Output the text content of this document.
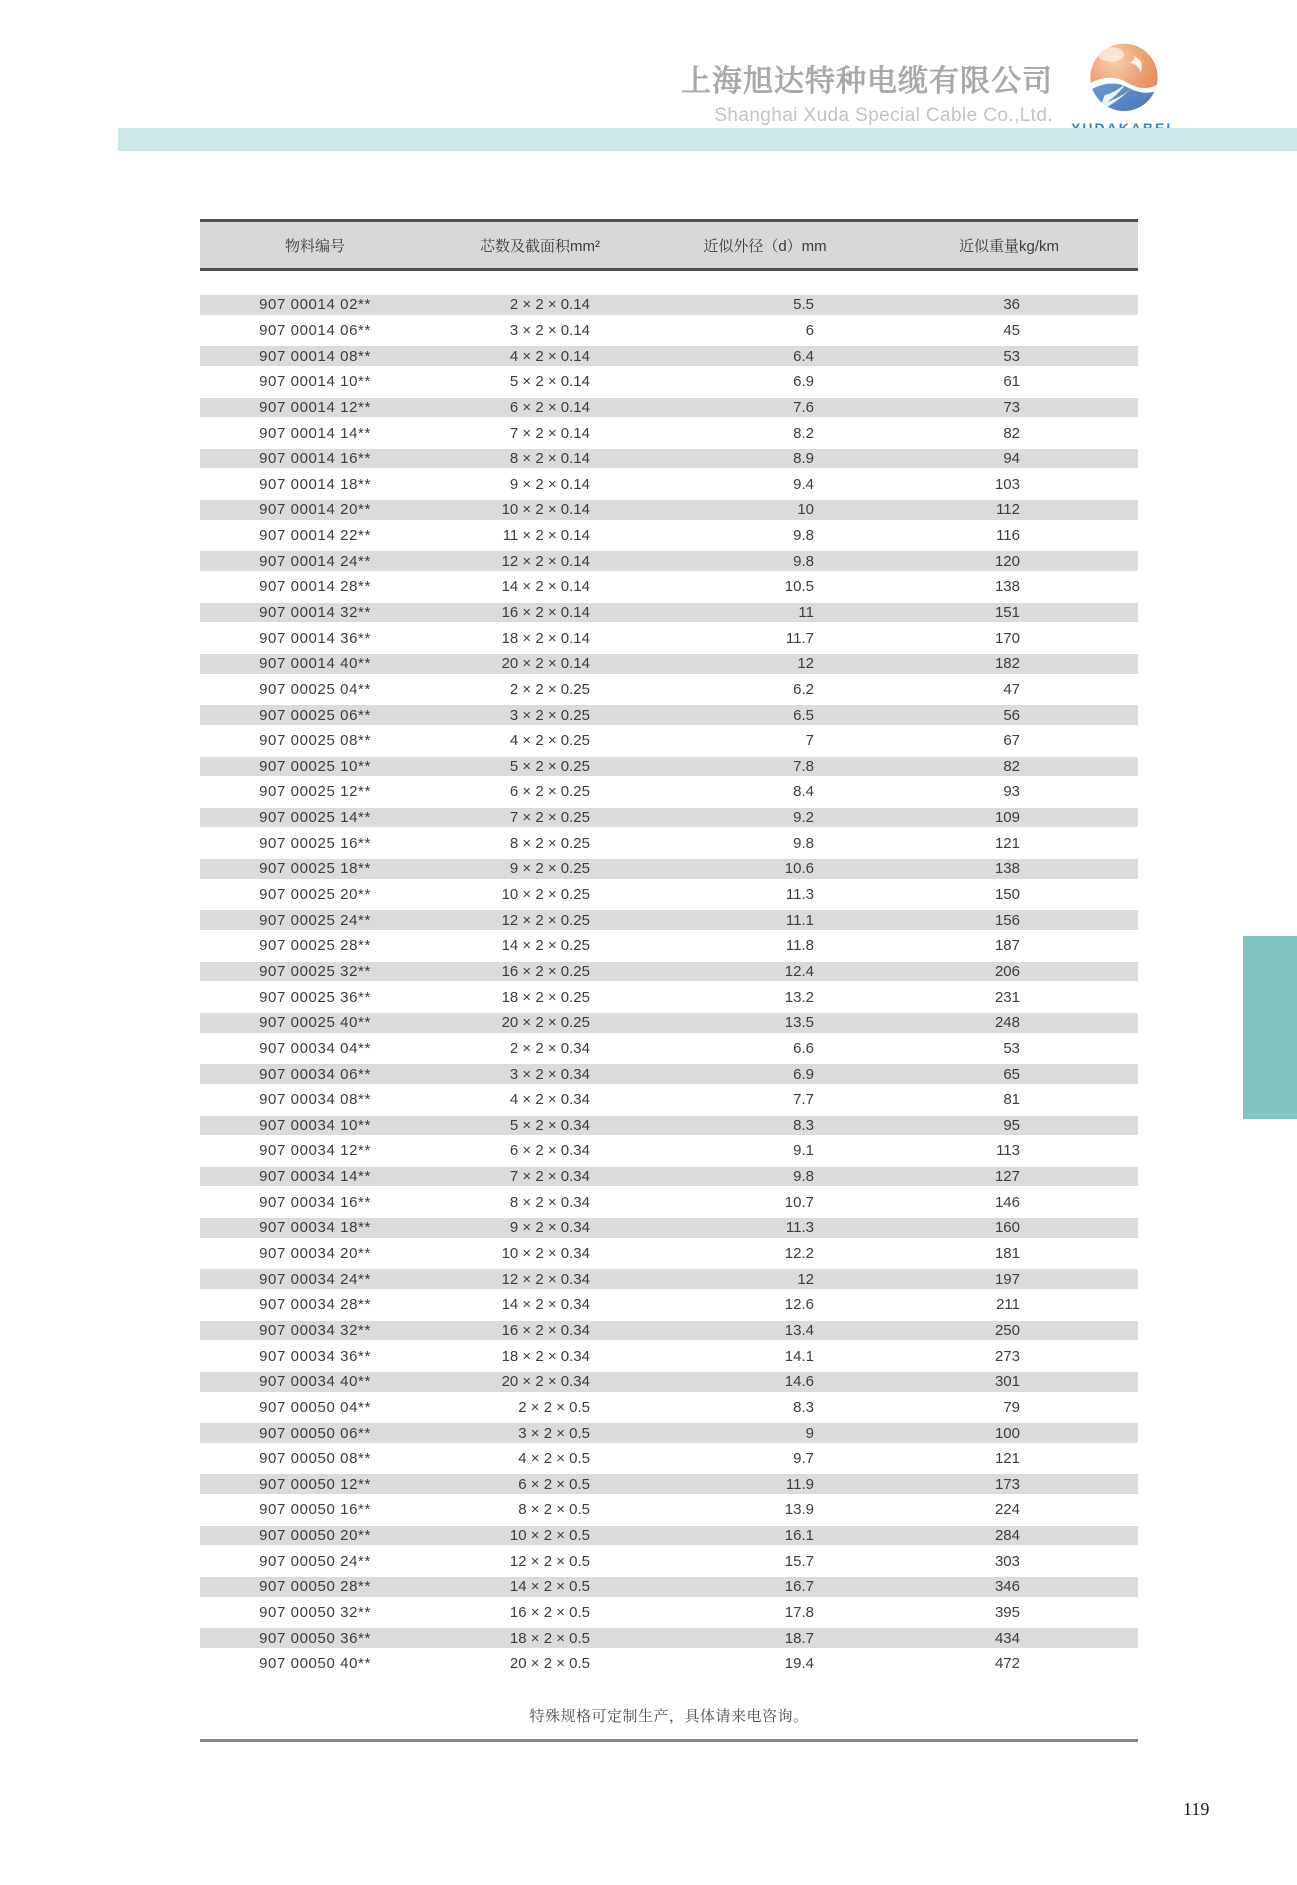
上海旭达特种电缆有限公司
Shanghai Xuda Special Cable Co.,Ltd.
物料编号	芯数及截面积mm²	近似外径（d）mm	近似重量kg/km
907 00014 02**	2 × 2 × 0.14	5.5	36
907 00014 06**	3 × 2 × 0.14	6	45
907 00014 08**	4 × 2 × 0.14	6.4	53
907 00014 10**	5 × 2 × 0.14	6.9	61
907 00014 12**	6 × 2 × 0.14	7.6	73
907 00014 14**	7 × 2 × 0.14	8.2	82
907 00014 16**	8 × 2 × 0.14	8.9	94
907 00014 18**	9 × 2 × 0.14	9.4	103
907 00014 20**	10 × 2 × 0.14	10	112
907 00014 22**	11 × 2 × 0.14	9.8	116
907 00014 24**	12 × 2 × 0.14	9.8	120
907 00014 28**	14 × 2 × 0.14	10.5	138
907 00014 32**	16 × 2 × 0.14	11	151
907 00014 36**	18 × 2 × 0.14	11.7	170
907 00014 40**	20 × 2 × 0.14	12	182
907 00025 04**	2 × 2 × 0.25	6.2	47
907 00025 06**	3 × 2 × 0.25	6.5	56
907 00025 08**	4 × 2 × 0.25	7	67
907 00025 10**	5 × 2 × 0.25	7.8	82
907 00025 12**	6 × 2 × 0.25	8.4	93
907 00025 14**	7 × 2 × 0.25	9.2	109
907 00025 16**	8 × 2 × 0.25	9.8	121
907 00025 18**	9 × 2 × 0.25	10.6	138
907 00025 20**	10 × 2 × 0.25	11.3	150
907 00025 24**	12 × 2 × 0.25	11.1	156
907 00025 28**	14 × 2 × 0.25	11.8	187
907 00025 32**	16 × 2 × 0.25	12.4	206
907 00025 36**	18 × 2 × 0.25	13.2	231
907 00025 40**	20 × 2 × 0.25	13.5	248
907 00034 04**	2 × 2 × 0.34	6.6	53
907 00034 06**	3 × 2 × 0.34	6.9	65
907 00034 08**	4 × 2 × 0.34	7.7	81
907 00034 10**	5 × 2 × 0.34	8.3	95
907 00034 12**	6 × 2 × 0.34	9.1	113
907 00034 14**	7 × 2 × 0.34	9.8	127
907 00034 16**	8 × 2 × 0.34	10.7	146
907 00034 18**	9 × 2 × 0.34	11.3	160
907 00034 20**	10 × 2 × 0.34	12.2	181
907 00034 24**	12 × 2 × 0.34	12	197
907 00034 28**	14 × 2 × 0.34	12.6	211
907 00034 32**	16 × 2 × 0.34	13.4	250
907 00034 36**	18 × 2 × 0.34	14.1	273
907 00034 40**	20 × 2 × 0.34	14.6	301
907 00050 04**	2 × 2 × 0.5	8.3	79
907 00050 06**	3 × 2 × 0.5	9	100
907 00050 08**	4 × 2 × 0.5	9.7	121
907 00050 12**	6 × 2 × 0.5	11.9	173
907 00050 16**	8 × 2 × 0.5	13.9	224
907 00050 20**	10 × 2 × 0.5	16.1	284
907 00050 24**	12 × 2 × 0.5	15.7	303
907 00050 28**	14 × 2 × 0.5	16.7	346
907 00050 32**	16 × 2 × 0.5	17.8	395
907 00050 36**	18 × 2 × 0.5	18.7	434
907 00050 40**	20 × 2 × 0.5	19.4	472
特殊规格可定制生产，具体请来电咨询。
119
